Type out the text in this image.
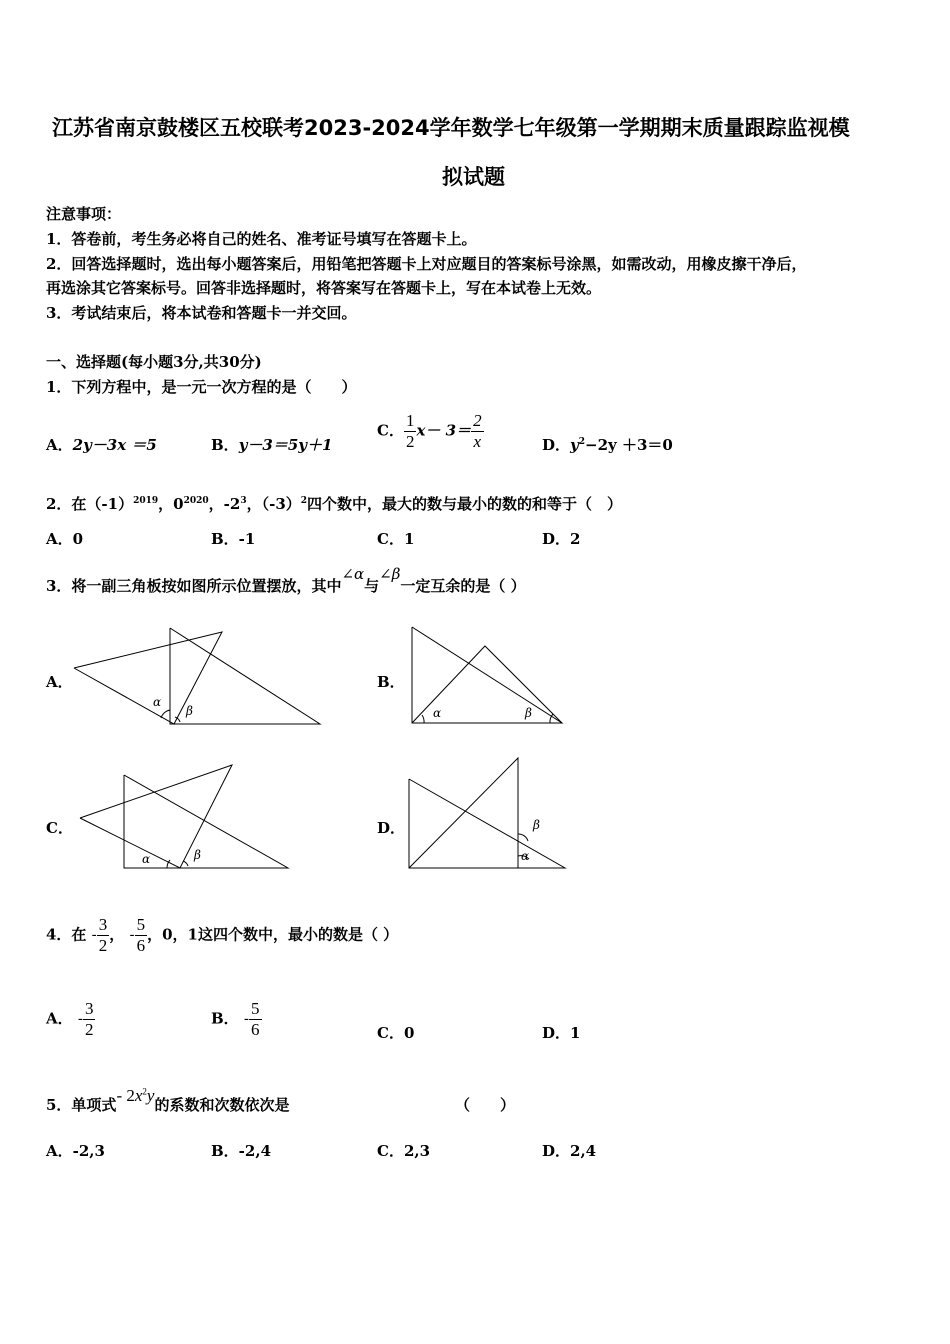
江苏省南京鼓楼区五校联考2023-2024学年数学七年级第一学期期末质量跟踪监视模
拟试题
注意事项：
1．答卷前，考生务必将自己的姓名、准考证号填写在答题卡上。
2．回答选择题时，选出每小题答案后，用铅笔把答题卡上对应题目的答案标号涂黑，如需改动，用橡皮擦干净后，
再选涂其它答案标号。回答非选择题时，将答案写在答题卡上，写在本试卷上无效。
3．考试结束后，将本试卷和答题卡一并交回。
一、选择题(每小题3分,共30分)
1．下列方程中，是一元一次方程的是（　　）
A．2y－3x ＝5	B．y－3＝5y＋1
C． $\frac{1}{2} x- 3= \frac{2}{x}$	D．$y^2-2y +3=0$
2．在$(-1)^{2019}$，$0^{2020}$，$-2^3$，$(-3)^2$四个数中，最大的数与最小的数的和等于（　）
A．0	B．-1	C．1	D．2
3．将一副三角板按如图所示位置摆放，其中∠α与∠β一定互余的是（ ）
A．
α
β
B．
α	β
C．
α	β
D．	β
α
4．在 - $\frac{3}{2}$ ， - $\frac{5}{6}$ ，0，1这四个数中，最小的数是（ ）
A． - $\frac{3}{2}$	B． - $\frac{5}{6}$	C．0	D．1
5．单项式- $2x^2y$的系数和次数依次是	（　　）
A．-2,3	B．-2,4	C．2,3	D．2,4
